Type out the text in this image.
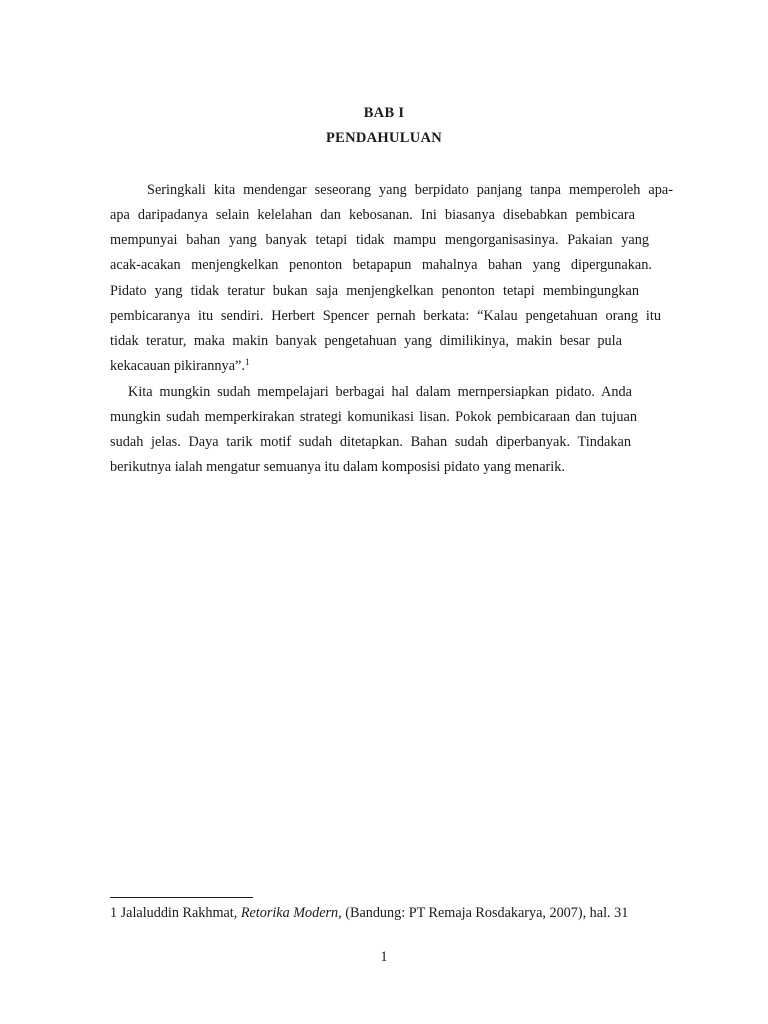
BAB I
PENDAHULUAN

Seringkali kita mendengar seseorang yang berpidato panjang tanpa memperoleh apa-

apa daripadanya selain kelelahan dan kebosanan. Ini biasanya disebabkan pembicara

mempunyai bahan yang banyak tetapi tidak mampu mengorganisasinya. Pakaian yang

acak-acakan menjengkelkan penonton betapapun mahalnya bahan yang dipergunakan.

Pidato yang tidak teratur bukan saja menjengkelkan penonton tetapi membingungkan

pembicaranya itu sendiri. Herbert Spencer pernah berkata: “Kalau pengetahuan orang itu

tidak teratur, maka makin banyak pengetahuan yang dimilikinya, makin besar pula

kekacauan pikirannya”.$^1$

Kita mungkin sudah mempelajari berbagai hal dalam mernpersiapkan pidato. Anda

mungkin sudah memperkirakan strategi komunikasi lisan. Pokok pembicaraan dan tujuan

sudah jelas. Daya tarik motif sudah ditetapkan. Bahan sudah diperbanyak. Tindakan

berikutnya ialah mengatur semuanya itu dalam komposisi pidato yang menarik.

1 Jalaluddin Rakhmat, Retorika Modern, (Bandung: PT Remaja Rosdakarya, 2007), hal. 31
1
